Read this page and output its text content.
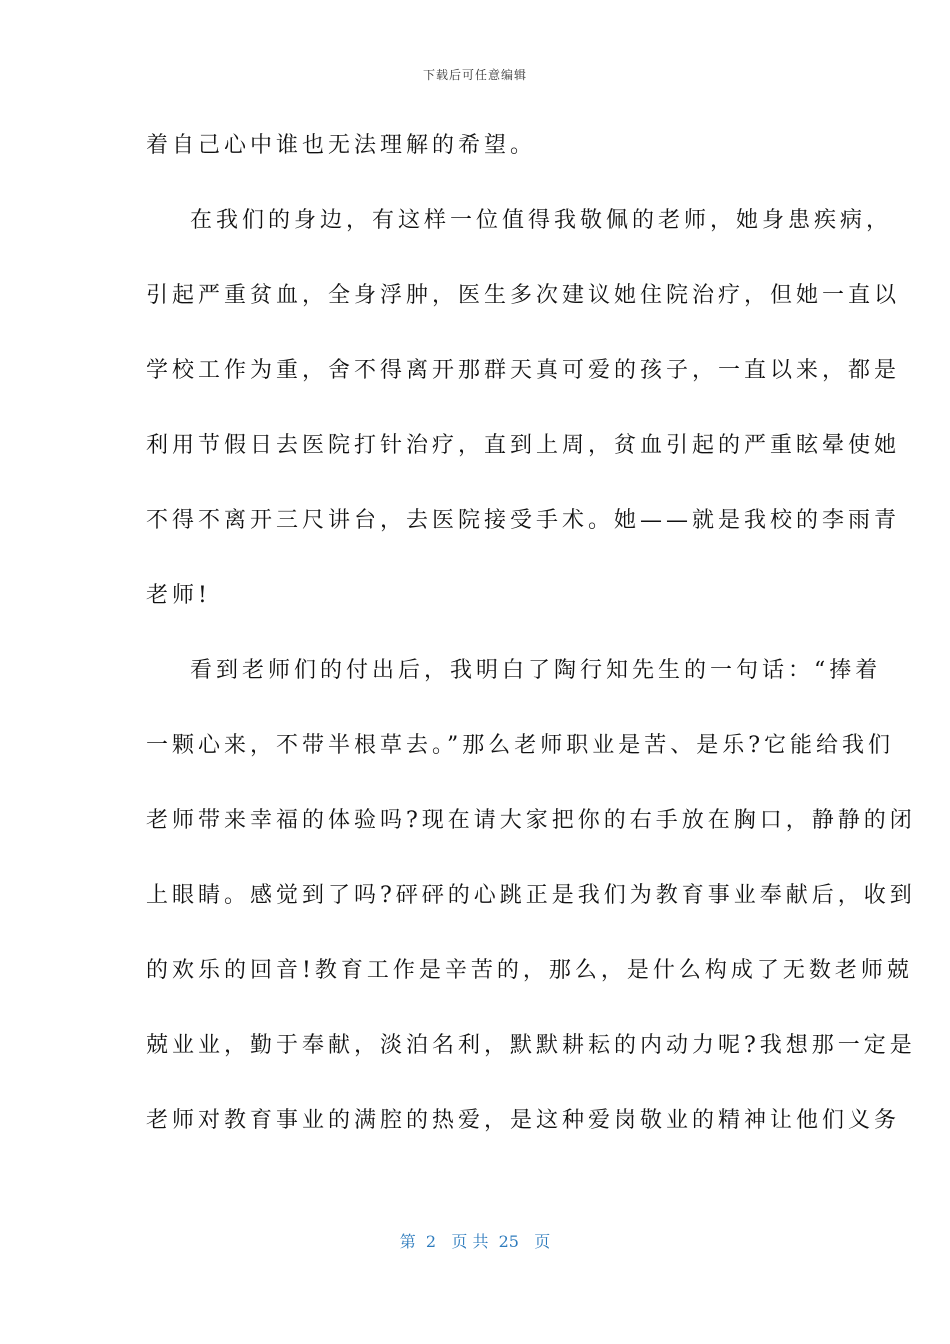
下载后可任意编辑
着自己心中谁也无法理解的希望。
在我们的身边，有这样一位值得我敬佩的老师，她身患疾病，
引起严重贫血，全身浮肿，医生多次建议她住院治疗，但她一直以
学校工作为重，舍不得离开那群天真可爱的孩子，一直以来，都是
利用节假日去医院打针治疗，直到上周，贫血引起的严重眩晕使她
不得不离开三尺讲台，去医院接受手术。她——就是我校的李雨青
老师!
看到老师们的付出后，我明白了陶行知先生的一句话：“捧着
一颗心来，不带半根草去。”那么老师职业是苦、是乐?它能给我们
老师带来幸福的体验吗?现在请大家把你的右手放在胸口，静静的闭
上眼睛。感觉到了吗?砰砰的心跳正是我们为教育事业奉献后，收到
的欢乐的回音!教育工作是辛苦的，那么，是什么构成了无数老师兢
兢业业，勤于奉献，淡泊名利，默默耕耘的内动力呢?我想那一定是
老师对教育事业的满腔的热爱，是这种爱岗敬业的精神让他们义务
第  2   页 共  25   页
